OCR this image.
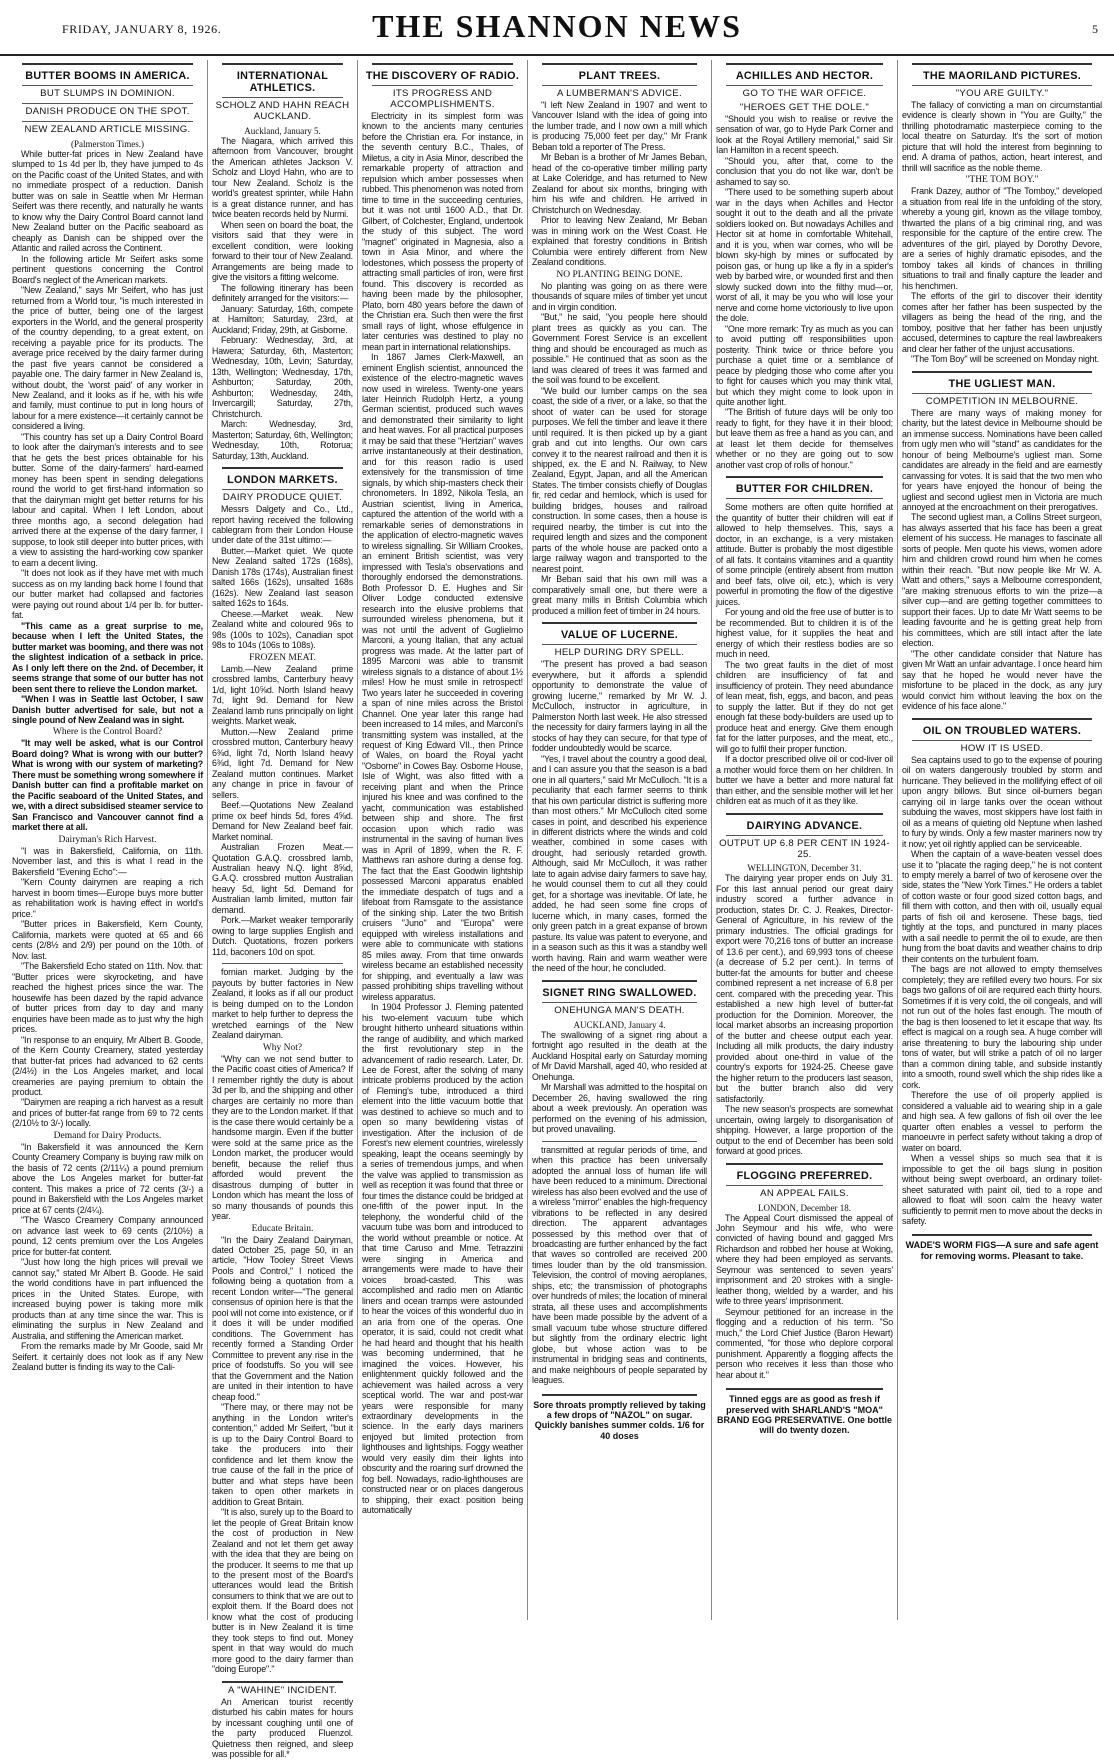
FRIDAY, JANUARY 8, 1926.	THE SHANNON NEWS	5
BUTTER BOOMS IN AMERICA.
BUT SLUMPS IN DOMINION.
DANISH PRODUCE ON THE SPOT.
NEW ZEALAND ARTICLE MISSING.
(Palmerston Times.)

While butter-fat prices in New Zealand have slumped to 1s 4d per lb, they have jumped to 4s on the Pacific coast of the United States, and with no immediate prospect of a reduction. Danish butter was on sale in Seattle when Mr Herman Seifert was there recently, and naturally he wants to know why the Dairy Control Board cannot land New Zealand butter on the Pacific seaboard as cheaply as Danish can be shipped over the Atlantic and railed across the Continent.

In the following article Mr Seifert asks some pertinent questions concerning the Control Board's neglect of the American markets.

"New Zealand," says Mr Seifert, who has just returned from a World tour, "is much interested in the price of butter, being one of the largest exporters in the World, and the general prosperity of the country depending, to a great extent, on receiving a payable price for its products. The average price received by the dairy farmer during the past five years cannot be considered a payable one. The dairy farmer in New Zealand is, without doubt, the 'worst paid' of any worker in New Zealand, and it looks as if he, with his wife and family, must continue to put in long hours of labour for a mere existence—it certainly cannot be considered a living.

"This country has set up a Dairy Control Board to look after the dairyman's interests and to see that he gets the best prices obtainable for his butter. Some of the dairy-farmers' hard-earned money has been spent in sending delegations round the world to get first-hand information so that the dairyman might get better returns for his labour and capital. When I left London, about three months ago, a second delegation had arrived there at the expense of the dairy farmer, I suppose, to look still deeper into butter prices, with a view to assisting the hard-working cow spanker to earn a decent living.

"It does not look as if they have met with much success as on my landing back home I found that our butter market had collapsed and factories were paying out round about 1/4 per lb. for butter-fat.

"This came as a great surprise to me, because when I left the United States, the butter market was booming, and there was not the slightest indication of a setback in price. As I only left there on the 2nd. of December, it seems strange that some of our butter has not been sent there to relieve the London market.

"When I was in Seattle last October, I saw Danish butter advertised for sale, but not a single pound of New Zealand was in sight.

Where is the Control Board?

"It may well be asked, what is our Control Board doing? What is wrong with our butter? What is wrong with our system of marketing? There must be something wrong somewhere if Danish butter can find a profitable market on the Pacific seaboard of the United States, and we, with a direct subsidised steamer service to San Francisco and Vancouver cannot find a market there at all.

Dairyman's Rich Harvest.

"I was in Bakersfield, California, on 11th. November last, and this is what I read in the Bakersfield "Evening Echo":—

"Kern County dairymen are reaping a rich harvest in boom times—Europe buys more butter as rehabilitation work is having effect in world's price."

"Butter prices in Bakersfield, Kern County, California, markets were quoted at 65 and 66 cents (2/8½ and 2/9) per pound on the 10th. of Nov. last.

"The Bakersfield Echo stated on 11th. Nov. that: "Butter prices were skyrocketing, and have reached the highest prices since the war. The housewife has been dazed by the rapid advance of butter prices from day to day and many enquiries have been made as to just why the high prices.

"In response to an enquiry, Mr Albert B. Goode, of the Kern County Creamery, stated yesterday that butter-fat prices had advanced to 62 cents (2/4½) in the Los Angeles market, and local creameries are paying premium to obtain the product.

"Dairymen are reaping a rich harvest as a result and prices of butter-fat range from 69 to 72 cents (2/10½ to 3/-) locally.

Demand for Dairy Products.

"In Bakersfield it was announced the Kern County Creamery Company is buying raw milk on the basis of 72 cents (2/11¼) a pound premium above the Los Angeles market for butter-fat content. This makes a price of 72 cents (3/-) a pound in Bakersfield with the Los Angeles market price at 67 cents (2/4¼).

"The Wasco Creamery Company announced on advance last week to 69 cents (2/10½) a pound, 12 cents premium over the Los Angeles price for butter-fat content.

"Just how long the high prices will prevail we cannot say," stated Mr Albert B. Goode. He said the world conditions have in part influenced the prices in the United States. Europe, with increased buying power is taking more milk products than at any time since the war. This is eliminating the surplus in New Zealand and Australia, and stiffening the American market.

From the remarks made by Mr Goode, said Mr Seifert. it certainly does not look as if any New Zealand butter is finding its way to the Cali-

INTERNATIONAL ATHLETICS.
SCHOLZ AND HAHN REACH AUCKLAND.
Auckland, January 5.

The Niagara, which arrived this afternoon from Vancouver, brought the American athletes Jackson V. Scholz and Lloyd Hahn, who are to tour New Zealand. Scholz is the world's greatest sprinter, while Hahn is a great distance runner, and has twice beaten records held by Nurmi.

When seen on board the boat, the visitors said that they were in excellent condition, were looking forward to their tour of New Zealand. Arrangements are being made to give the visitors a fitting welcome.

The following itinerary has been definitely arranged for the visitors:—

January: Saturday, 16th, compete at Hamilton; Saturday, 23rd, at Auckland; Friday, 29th, at Gisborne.

February: Wednesday, 3rd, at Hawera; Saturday, 6th, Masterton; Wednesday, 10th, Levin; Saturday, 13th, Wellington; Wednesday, 17th, Ashburton; Saturday, 20th, Ashburton; Wednesday, 24th, Invercargill; Saturday, 27th, Christchurch.

March: Wednesday, 3rd, Masterton; Saturday, 6th, Wellington; Wednesday, 10th, Rotorua; Saturday, 13th, Auckland.

LONDON MARKETS.
DAIRY PRODUCE QUIET.

Messrs Dalgety and Co., Ltd., report having received the following cablegram from their London House under date of the 31st ultimo:—

Butter.—Market quiet. We quote New Zealand salted 172s (168s), Danish 178s (174s), Australian finest salted 166s (162s), unsalted 168s (162s). New Zealand last season salted 162s to 164s.

Cheese.—Market weak. New Zealand white and coloured 96s to 98s (100s to 102s), Canadian spot 98s to 104s (106s to 108s).

FROZEN MEAT.

Lamb.—New Zealand prime crossbred lambs, Canterbury heavy 1/d, light 10⅝d. North Island heavy 7d, light 9d. Demand for New Zealand lamb runs principally on light weights. Market weak.

Mutton.—New Zealand prime crossbred mutton, Canterbury heavy 6⅜d, light 7d, North Island heavy 6⅜d, light 7d. Demand for New Zealand mutton continues. Market any change in price in favour of sellers.

Beef.—Quotations New Zealand prime ox beef hinds 5d, fores 4⅝d. Demand for New Zealand beef fair. Market nominal.

Australian Frozen Meat.—Quotation G.A.Q. crossbred lamb, Australian heavy N.Q. light 8⅝d, G.A.Q. crossbred mutton Australian heavy 5d, light 5d. Demand for Australian lamb limited, mutton fair demand.

Pork.—Market weaker temporarily owing to large supplies English and Dutch. Quotations, frozen porkers 11d, baconers 10d on spot.

fornian market. Judging by the payouts by butter factories in New Zealand, it looks as if all our product is being dumped on to the London market to help further to depress the wretched earnings of the New Zealand dairyman.

Why Not?

"Why can we not send butter to the Pacific coast cities of America? If I remember rightly the duty is about 3d per lb, and the shipping and other charges are certainly no more than they are to the London market. If that is the case there would certainly be a handsome margin. Even if the butter were sold at the same price as the London market, the producer would benefit, because the relief thus afforded would prevent the disastrous dumping of butter in London which has meant the loss of so many thousands of pounds this year.

Educate Britain.

"In the Dairy Zealand Dairyman, dated October 25, page 50, in an article, "How Tooley Street Views Pools and Control," I noticed the following being a quotation from a recent London writer—"The general consensus of opinion here is that the pool will not come into existence, or if it does it will be under modified conditions. The Government has recently formed a Standing Order Committee to prevent any rise in the price of foodstuffs. So you will see that the Government and the Nation are united in their intention to have cheap food."

"There may, or there may not be anything in the London writer's contention," added Mr Seifert, "but it is up to the Dairy Control Board to take the producers into their confidence and let them know the true cause of the fall in the price of butter and what steps have been taken to open other markets in addition to Great Britain.

"It is also, surely up to the Board to let the people of Great Britain know the cost of production in New Zealand and not let them get away with the idea that they are being on the producer. It seems to me that up to the present most of the Board's utterances would lead the British consumers to think that we are out to exploit them. If the Board does not know what the cost of producing butter is in New Zealand it is time they took steps to find out. Money spent in that way would do much more good to the dairy farmer than "doing Europe"."

A "WAHINE" INCIDENT.

An American tourist recently disturbed his cabin mates for hours by incessant coughing until one of the party produced Fluenzol. Quietness then reigned, and sleep was possible for all.*

THE DISCOVERY OF RADIO.
ITS PROGRESS AND ACCOMPLISHMENTS.

Electricity in its simplest form was known to the ancients many centuries before the Christian era. For instance, in the seventh century B.C., Thales, of Miletus, a city in Asia Minor, described the remarkable property of attraction and repulsion which amber possesses when rubbed. This phenomenon was noted from time to time in the succeeding centuries, but it was not until 1600 A.D., that Dr. Gilbert, of Colchester, England, undertook the study of this subject. The word "magnet" originated in Magnesia, also a town in Asia Minor, and where the lodestones, which possess the property of attracting small particles of iron, were first found. This discovery is recorded as having been made by the philosopher, Plato, born 480 years before the dawn of the Christian era. Such then were the first small rays of light, whose effulgence in later centuries was destined to play no mean part in international relationships.

In 1867 James Clerk-Maxwell, an eminent English scientist, announced the existence of the electro-magnetic waves now used in wireless. Twenty-one years later Heinrich Rudolph Hertz, a young German scientist, produced such waves and demonstrated their similarity to light and heat waves. For all practical purposes it may be said that these "Hertzian" waves arrive instantaneously at their destination, and for this reason radio is used extensively for the transmission of time signals, by which ship-masters check their chronometers. In 1892, Nikola Tesla, an Austrian scientist, living in America, captured the attention of the world with a remarkable series of demonstrations in the application of electro-magnetic waves to wireless signalling. Sir William Crookes, an eminent British scientist, was very impressed with Tesla's observations and thoroughly endorsed the demonstrations. Both Professor D. E. Hughes and Sir Oliver Lodge conducted extensive research into the elusive problems that surrounded wireless phenomena, but it was not until the advent of Guglielmo Marconi, a young Italian, that any actual progress was made. At the latter part of 1895 Marconi was able to transmit wireless signals to a distance of about 1½ miles! How he must smile in retrospect! Two years later he succeeded in covering a span of nine miles across the Bristol Channel. One year later this range had been increased to 14 miles, and Marconi's transmitting system was installed, at the request of King Edward VII., then Prince of Wales, on board the Royal yacht "Osborne" in Cowes Bay. Osborne House, Isle of Wight, was also fitted with a receiving plant and when the Prince injured his knee and was confined to the yacht, communication was established between ship and shore. The first occasion upon which radio was instrumental in the saving of human lives was in April of 1899, when the R. F. Matthews ran ashore during a dense fog. The fact that the East Goodwin lightship possessed Marconi apparatus enabled the immediate despatch of tugs and a lifeboat from Ramsgate to the assistance of the sinking ship. Later the two British cruisers "Juno" and "Europa" were equipped with wireless installations and were able to communicate with stations 85 miles away. From that time onwards wireless became an established necessity for shipping, and eventually a law was passed prohibiting ships travelling without wireless apparatus.

In 1904 Professor J. Fleming patented his two-element vacuum tube which brought hitherto unheard situations within the range of audibility, and which marked the first revolutionary step in the advancement of radio research. Later, Dr. Lee de Forest, after the solving of many intricate problems produced by the action of Fleming's tube, introduced a third element into the little vacuum bottle that was destined to achieve so much and to open so many bewildering vistas of investigation. After the inclusion of de Forest's new element countries, wirelessly speaking, leapt the oceans seemingly by a series of tremendous jumps, and when the valve was applied to transmission as well as reception it was found that three or four times the distance could be bridged at one-fifth of the power input. In the telephony, the wonderful child of the vacuum tube was born and introduced to the world without preamble or notice. At that time Caruso and Mme. Tetrazzini were singing in America and arrangements were made to have their voices broad-casted. This was accomplished and radio men on Atlantic liners and ocean tramps were astounded to hear the voices of this wonderful duo in an aria from one of the operas. One operator, it is said, could not credit what he had heard and thought that his health was becoming undermined, that he imagined the voices. However, his enlightenment quickly followed and the achievement was hailed across a very sceptical world. The war and post-war years were responsible for many extraordinary developments in the science. In the early days mariners enjoyed but limited protection from lighthouses and lightships. Foggy weather would very easily dim their lights into obscurity and the roaring surf drowned the fog bell. Nowadays, radio-lighthouses are constructed near or on places dangerous to shipping, their exact position being automatically

PLANT TREES.
A LUMBERMAN'S ADVICE.

"I left New Zealand in 1907 and went to Vancouver Island with the idea of going into the lumber trade, and I now own a mill which is producing 75,000 feet per day," Mr Frank Beban told a reporter of The Press.

Mr Beban is a brother of Mr James Beban, head of the co-operative timber milling party at Lake Coleridge, and has returned to New Zealand for about six months, bringing with him his wife and children. He arrived in Christchurch on Wednesday.

Prior to leaving New Zealand, Mr Beban was in mining work on the West Coast. He explained that forestry conditions in British Columbia were entirely different from New Zealand conditions.

NO PLANTING BEING DONE.

No planting was going on as there were thousands of square miles of timber yet uncut and in virgin condition.

"But," he said, "you people here should plant trees as quickly as you can. The Government Forest Service is an excellent thing and should be encouraged as much as possible." He continued that as soon as the land was cleared of trees it was farmed and the soil was found to be excellent.

"We build our lumber camps on the sea coast, the side of a river, or a lake, so that the shoot of water can be used for storage purposes. We fell the timber and leave it there until required. It is then picked up by a giant grab and cut into lengths. Our own cars convey it to the nearest railroad and then it is shipped, ex. the E and N. Railway, to New Zealand, Egypt, Japan, and all the American States. The timber consists chiefly of Douglas fir, red cedar and hemlock, which is used for building bridges, houses and railroad construction. In some cases, then a house is required nearby, the timber is cut into the required length and sizes and the component parts of the whole house are packed onto a large railway wagon and transported to the nearest point.

Mr Beban said that his own mill was a comparatively small one, but there were a great many mills in British Columbia which produced a million feet of timber in 24 hours.

VALUE OF LUCERNE.
HELP DURING DRY SPELL.

"The present has proved a bad season everywhere, but it affords a splendid opportunity to demonstrate the value of growing lucerne," remarked by Mr W. J. McCulloch, instructor in agriculture, in Palmerston North last week. He also stressed the necessity for dairy farmers laying in all the stocks of hay they can secure, for that type of fodder undoubtedly would be scarce.

"Yes, I travel about the country a good deal, and I can assure you that the season is a bad one in all quarters," said Mr McCulloch. "It is a peculiarity that each farmer seems to think that his own particular district is suffering more than most others." Mr McCulloch cited some cases in point, and described his experience in different districts where the winds and cold weather, combined in some cases with drought, had seriously retarded growth. Although, said Mr McCulloch, it was rather late to again advise dairy farmers to save hay, he would counsel them to cut all they could get, for a shortage was inevitable. Of late, he added, he had seen some fine crops of lucerne which, in many cases, formed the only green patch in a great expanse of brown pasture. Its value was patent to everyone, and in a season such as this it was a standby well worth having. Rain and warm weather were the need of the hour, he concluded.

SIGNET RING SWALLOWED.
ONEHUNGA MAN'S DEATH.
AUCKLAND, January 4.

The swallowing of a signet ring about a fortnight ago resulted in the death at the Auckland Hospital early on Saturday morning of Mr David Marshall, aged 40, who resided at Onehunga.

Mr Marshall was admitted to the hospital on December 26, having swallowed the ring about a week previously. An operation was performed on the evening of his admission, but proved unavailing.

transmitted at regular periods of time, and when this practice has been universally adopted the annual loss of human life will have been reduced to a minimum. Directional wireless has also been evolved and the use of a wireless "mirror" enables the high-frequency vibrations to be reflected in any desired direction. The apparent advantages possessed by this method over that of broadcasting are further enhanced by the fact that waves so controlled are received 200 times louder than by the old transmission. Television, the control of moving aeroplanes, ships, etc; the transmission of photographs over hundreds of miles; the location of mineral strata, all these uses and accomplishments have been made possible by the advent of a small vacuum tube whose structure differed but slightly from the ordinary electric light globe, but whose action was to be instrumental in bridging seas and continents, and make neighbours of people separated by leagues.

Sore throats promptly relieved by taking a few drops of "NAZOL" on sugar. Quickly banishes summer colds. 1/6 for 40 doses
ACHILLES AND HECTOR.
GO TO THE WAR OFFICE.
"HEROES GET THE DOLE."

"Should you wish to realise or revive the sensation of war, go to Hyde Park Corner and look at the Royal Artillery memorial," said Sir Ian Hamilton in a recent speech.

"Should you, after that, come to the conclusion that you do not like war, don't be ashamed to say so.

"There used to be something superb about war in the days when Achilles and Hector sought it out to the death and all the private soldiers looked on. But nowadays Achilles and Hector sit at home in comfortable Whitehall, and it is you, when war comes, who will be blown sky-high by mines or suffocated by poison gas, or hung up like a fly in a spider's web by barbed wire, or wounded first and then slowly sucked down into the filthy mud—or, worst of all, it may be you who will lose your nerve and come home victoriously to live upon the dole.

"One more remark: Try as much as you can to avoid putting off responsibilities upon posterity. Think twice or thrice before you purchase a quiet time or a semblance of peace by pledging those who come after you to fight for causes which you may think vital, but which they might come to look upon in quite another light.

"The British of future days will be only too ready to fight, for they have it in their blood; but leave them as free a hand as you can, and at least let them decide for themselves whether or no they are going out to sow another vast crop of rolls of honour."

BUTTER FOR CHILDREN.

Some mothers are often quite horrified at the quantity of butter their children will eat if allowed to help themselves. This, says a doctor, in an exchange, is a very mistaken attitude. Butter is probably the most digestible of all fats. It contains vitamines and a quantity of some principle (entirely absent from mutton and beef fats, olive oil, etc.), which is very powerful in promoting the flow of the digestive juices.

For young and old the free use of butter is to be recommended. But to children it is of the highest value, for it supplies the heat and energy of which their restless bodies are so much in need.

The two great faults in the diet of most children are insufficiency of fat and insufficiency of protein. They need abundance of lean meat, fish, eggs, and bacon, and peas to supply the latter. But if they do not get enough fat these body-builders are used up to produce heat and energy. Give them enough fat for the latter purposes, and the meat, etc., will go to fulfil their proper function.

If a doctor prescribed olive oil or cod-liver oil a mother would force them on her children. In butter we have a better and more natural fat than either, and the sensible mother will let her children eat as much of it as they like.

DAIRYING ADVANCE.
OUTPUT UP 6.8 PER CENT IN 1924-25.
WELLINGTON, December 31.

The dairying year proper ends on July 31. For this last annual period our great dairy industry scored a further advance in production, states Dr. C. J. Reakes, Director-General of Agriculture, in his review of the primary industries. The official gradings for export were 70,216 tons of butter an increase of 13.6 per cent.), and 69,993 tons of cheese (a decrease of 5.2 per cent.). In terms of butter-fat the amounts for butter and cheese combined represent a net increase of 6.8 per cent. compared with the preceding year. This established a new high level of butter-fat production for the Dominion. Moreover, the local market absorbs an increasing proportion of the butter and cheese output each year. Including all milk products, the dairy industry provided about one-third in value of the country's exports for 1924-25. Cheese gave the higher return to the producers last season, but the butter branch also did very satisfactorily.

The new season's prospects are somewhat uncertain, owing largely to disorganisation of shipping. However, a large proportion of the output to the end of December has been sold forward at good prices.

FLOGGING PREFERRED.
AN APPEAL FAILS.
LONDON, December 18.

The Appeal Court dismissed the appeal of John Seymour and his wife, who were convicted of having bound and gagged Mrs Richardson and robbed her house at Woking, where they had been employed as servants. Seymour was sentenced to seven years' imprisonment and 20 strokes with a single-leather thong, wielded by a warder, and his wife to three years' imprisonment.

Seymour petitioned for an increase in the flogging and a reduction of his term. "So much," the Lord Chief Justice (Baron Hewart) commented, "for those who deplore corporal punishment. Apparently a flogging affects the person who receives it less than those who hear about it."

Tinned eggs are as good as fresh if preserved with SHARLAND'S "MOA" BRAND EGG PRESERVATIVE. One bottle will do twenty dozen.
THE MAORILAND PICTURES.
"YOU ARE GUILTY."

The fallacy of convicting a man on circumstantial evidence is clearly shown in "You are Guilty," the thrilling photodramatic masterpiece coming to the local theatre on Saturday. It's the sort of motion picture that will hold the interest from beginning to end. A drama of pathos, action, heart interest, and thrill will sacrifice as the noble theme.

"THE TOM BOY."

Frank Dazey, author of "The Tomboy," developed a situation from real life in the unfolding of the story, whereby a young girl, known as the village tomboy, thwarted the plans of a big criminal ring, and was responsible for the capture of the entire crew. The adventures of the girl, played by Dorothy Devore, are a series of highly dramatic episodes, and the tomboy takes all kinds of chances in thrilling situations to trail and finally capture the leader and his henchmen.

The efforts of the girl to discover their identity comes after her father has been suspected by the villagers as being the head of the ring, and the tomboy, positive that her father has been unjustly accused, determines to capture the real lawbreakers and clear her father of the unjust accusations.

"The Tom Boy" will be screened on Monday night.

THE UGLIEST MAN.
COMPETITION IN MELBOURNE.

There are many ways of making money for charity, but the latest device in Melbourne should be an immense success. Nominations have been called from ugly men who will "stand" as candidates for the honour of being Melbourne's ugliest man. Some candidates are already in the field and are earnestly canvassing for votes. It is said that the two men who for years have enjoyed the honour of being the ugliest and second ugliest men in Victoria are much annoyed at the encroachment on their prerogatives.

The second ugliest man, a Collins Street surgeon, has always asserted that his face has been a great element of his success. He manages to fascinate all sorts of people. Men quote his views, women adore him and children crowd round him when he comes within their reach. "But now people like Mr W. A. Watt and others," says a Melbourne correspondent, "are making strenuous efforts to win the prize—a silver cup—and are getting together committees to support their faces. Up to date Mr Watt seems to be leading favourite and he is getting great help from his committees, which are still intact after the late election.

"The other candidate consider that Nature has given Mr Watt an unfair advantage. I once heard him say that he hoped he would never have the misfortune to be placed in the dock, as any jury would convict him without leaving the box on the evidence of his face alone."

OIL ON TROUBLED WATERS.
HOW IT IS USED.

Sea captains used to go to the expense of pouring oil on waters dangerously troubled by storm and hurricane. They believed in the mollifying effect of oil upon angry billows. But since oil-burners began carrying oil in large tanks over the ocean without subduing the waves, most skippers have lost faith in oil as a means of quieting old Neptune when lashed to fury by winds. Only a few master mariners now try it now; yet oil rightly applied can be serviceable.

When the captain of a wave-beaten vessel does use it to "placate the raging deep," he is not content to empty merely a barrel of two of kerosene over the side, states the "New York Times." He orders a tablet of cotton waste or four good sized cotton bags, and fill them with cotton, and then with oil, usually equal parts of fish oil and kerosene. These bags, tied tightly at the tops, and punctured in many places with a sail needle to permit the oil to exude, are then hung from the boat davits and weather chains to drip their contents on the turbulent foam.

The bags are not allowed to empty themselves completely; they are refilled every two hours. For six bags two gallons of oil are required each thirty hours. Sometimes if it is very cold, the oil congeals, and will not run out of the holes fast enough. The mouth of the bag is then loosened to let it escape that way. Its effect is magical on a rough sea. A huge comber will arise threatening to bury the labouring ship under tons of water, but will strike a patch of oil no larger than a common dining table, and subside instantly into a smooth, round swell which the ship rides like a cork.

Therefore the use of oil properly applied is considered a valuable aid to wearing ship in a gale and high sea. A few gallons of fish oil over the lee quarter often enables a vessel to perform the manoeuvre in perfect safety without taking a drop of water on board.

When a vessel ships so much sea that it is impossible to get the oil bags slung in position without being swept overboard, an ordinary toilet-sheet saturated with paint oil, tied to a rope and allowed to float will soon calm the heavy water sufficiently to permit men to move about the decks in safety.

WADE'S WORM FIGS—A sure and safe agent for removing worms. Pleasant to take.
